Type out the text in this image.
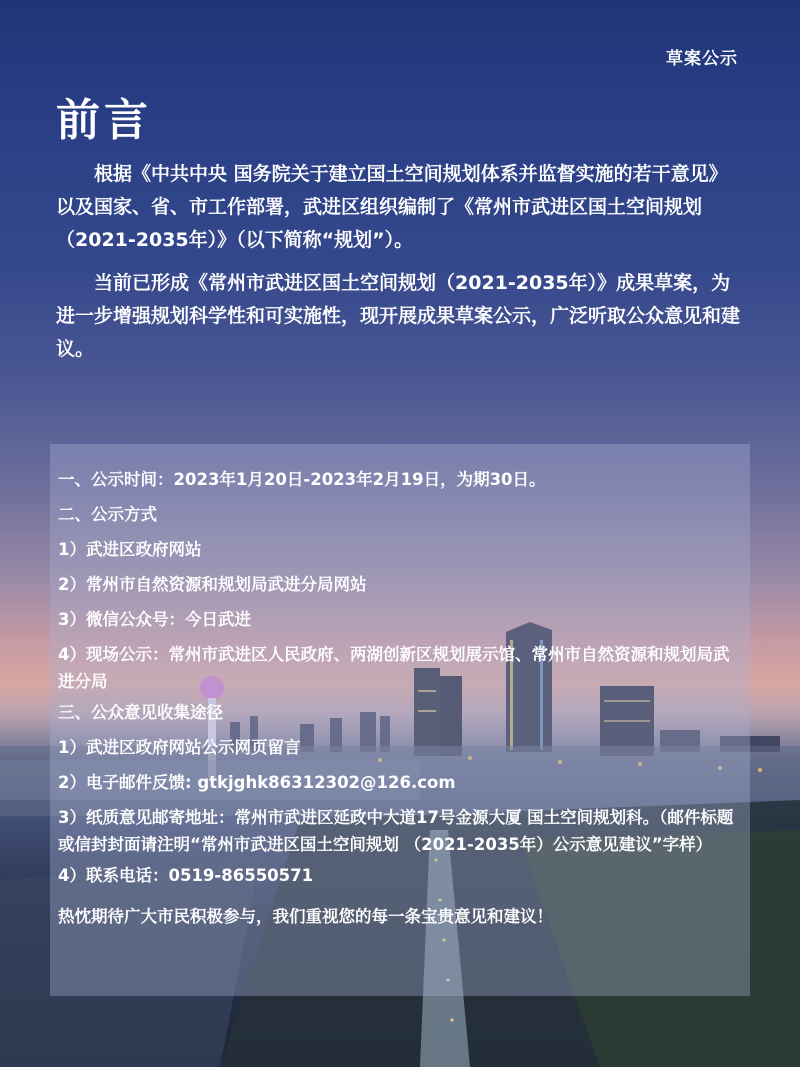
草案公示
前言

根据《中共中央 国务院关于建立国土空间规划体系并监督实施的若干意见》以及国家、省、市工作部署，武进区组织编制了《常州市武进区国土空间规划（2021-2035年）》（以下简称“规划”）。

当前已形成《常州市武进区国土空间规划（2021-2035年）》成果草案，为进一步增强规划科学性和可实施性，现开展成果草案公示，广泛听取公众意见和建议。

一、公示时间：2023年1月20日-2023年2月19日，为期30日。
二、公示方式
1）武进区政府网站
2）常州市自然资源和规划局武进分局网站
3）微信公众号：今日武进
4）现场公示：常州市武进区人民政府、两湖创新区规划展示馆、常州市自然资源和规划局武进分局
三、公众意见收集途径
1）武进区政府网站公示网页留言
2）电子邮件反馈: gtkjghk86312302@126.com
3）纸质意见邮寄地址：常州市武进区延政中大道17号金源大厦 国土空间规划科。（邮件标题或信封封面请注明“常州市武进区国土空间规划 （2021-2035年）公示意见建议”字样）
4）联系电话：0519-86550571
热忱期待广大市民积极参与，我们重视您的每一条宝贵意见和建议！
